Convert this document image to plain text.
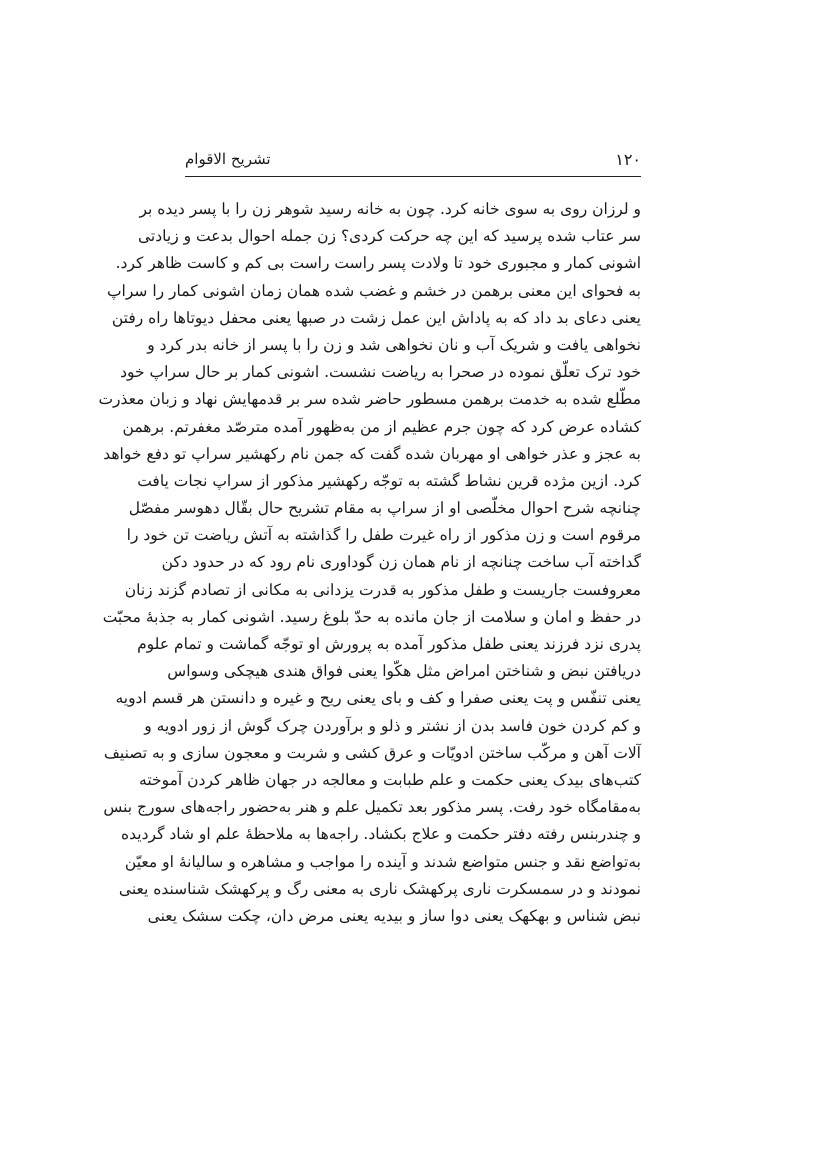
۱۲۰
تشریح الاقوام
و لرزان روی به سوی خانه کرد. چون به خانه رسید شوهر زن را با پسر دیده بر
سر عتاب شده پرسید که این چه حرکت کردی؟ زن جمله احوال بدعت و زیادتی
اشونی کمار و مجبوری خود تا ولادت پسر راست راست بی کم و کاست ظاهر کرد.
به فحوای این معنی برهمن در خشم و غضب شده همان زمان اشونی کمار را سراپ
یعنی دعای بد داد که به پاداش این عمل زشت در صبها یعنی محفل دیوتاها راه رفتن
نخواهی یافت و شریک آب و نان نخواهی شد و زن را با پسر از خانه بدر کرد و
خود ترک تعلّق نموده در صحرا به ریاضت نشست. اشونی کمار بر حال سراپ خود
مطّلع شده به خدمت برهمن مسطور حاضر شده سر بر قدمهایش نهاد و زبان معذرت
کشاده عرض کرد که چون جرم عظیم از من به‌ظهور آمده مترصّد مغفرتم. برهمن
به عجز و عذر خواهی او مهربان شده گفت که جمن نام رکهشیر سراپ تو دفع خواهد
کرد. ازین مژده قرین نشاط گشته به توجّه رکهشیر مذکور از سراپ نجات یافت
چنانچه شرح احوال مخلّصی او از سراپ به مقام تشریح حال بقّال دهوسر مفصّل
مرقوم است و زن مذکور از راه غیرت طفل را گذاشته به آتش ریاضت تن خود را
گداخته آب ساخت چنانچه از نام همان زن گوداوری نام رود که در حدود دکن
معروفست جاریست و طفل مذکور به قدرت یزدانی به مکانی از تصادم گزند زنان
در حفظ و امان و سلامت از جان مانده به حدّ بلوغ رسید. اشونی کمار به جذبهٔ محبّت
پدری نزد فرزند یعنی طفل مذکور آمده به پرورش او توجّه گماشت و تمام علوم
دریافتن نبض و شناختن امراض مثل هکّوا یعنی فواق هندی هیچکی وسواس
یعنی تنفّس و پت یعنی صفرا و کف و بای یعنی ریح و غیره و دانستن هر قسم ادویه
و کم کردن خون فاسد بدن از نشتر و ذلو و برآوردن چرک گوش از زور ادویه و
آلات آهن و مرکّب ساختن ادویّات و عرق کشی و شربت و معجون سازی و به تصنیف
کتب‌های بیدک یعنی حکمت و علم طبابت و معالجه در جهان ظاهر کردن آموخته
به‌مقامگاه خود رفت. پسر مذکور بعد تکمیل علم و هنر به‌حضور راجه‌های سورج بنس
و چندربنس رفته دفتر حکمت و علاج بکشاد. راجه‌ها به ملاحظهٔ علم او شاد گردیده
به‌تواضع نقد و جنس متواضع شدند و آینده را مواجب و مشاهره و سالیانهٔ او معیّن
نمودند و در سمسکرت ناری پرکهشک ناری به معنی رگ و پرکهشک شناسنده یعنی
نبض شناس و بهکهک یعنی دوا ساز و بیدیه یعنی مرض دان، چکت سشک یعنی
